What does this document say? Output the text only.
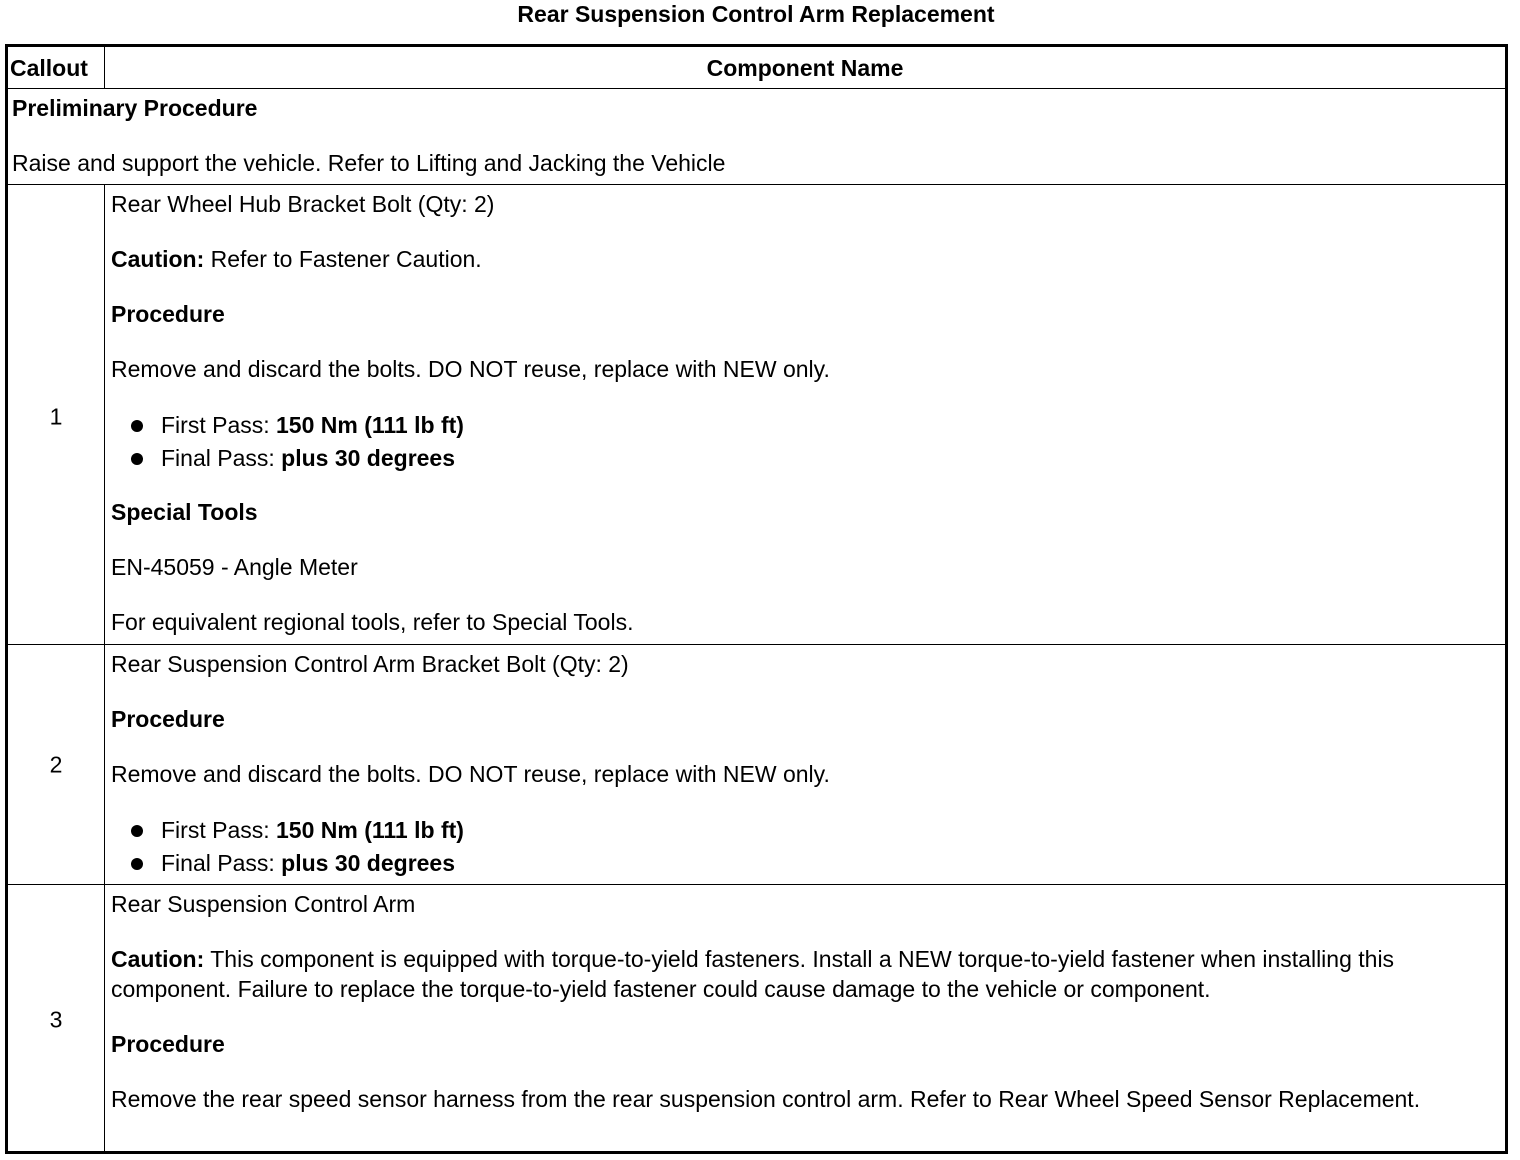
Rear Suspension Control Arm Replacement
Callout	Component Name

Preliminary Procedure

Raise and support the vehicle. Refer to Lifting and Jacking the Vehicle

1

Rear Wheel Hub Bracket Bolt (Qty: 2)

Caution: Refer to Fastener Caution.

Procedure

Remove and discard the bolts. DO NOT reuse, replace with NEW only.

First Pass: 150 Nm (111 lb ft)
Final Pass: plus 30 degrees

Special Tools

EN-45059 - Angle Meter

For equivalent regional tools, refer to Special Tools.

2

Rear Suspension Control Arm Bracket Bolt (Qty: 2)

Procedure

Remove and discard the bolts. DO NOT reuse, replace with NEW only.

First Pass: 150 Nm (111 lb ft)
Final Pass: plus 30 degrees
3

Rear Suspension Control Arm

Caution: This component is equipped with torque-to-yield fasteners. Install a NEW torque-to-yield fastener when installing this component. Failure to replace the torque-to-yield fastener could cause damage to the vehicle or component.

Procedure

Remove the rear speed sensor harness from the rear suspension control arm. Refer to Rear Wheel Speed Sensor Replacement.
